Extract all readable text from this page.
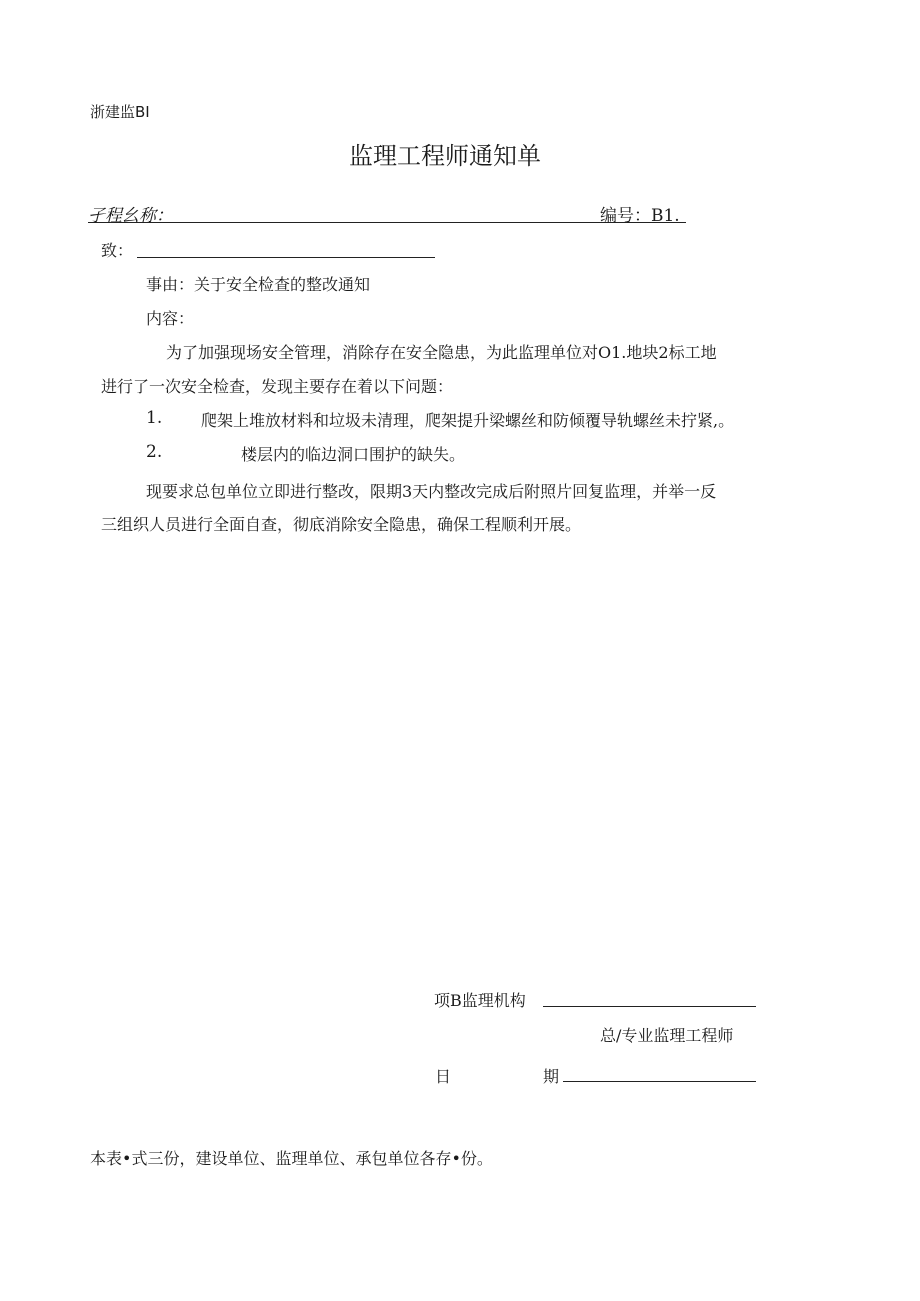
浙建监BI
监理工程师通知单
孑程幺称：	编号：B1.
致：
事由：关于安全检查的整改通知
内容：
为了加强现场安全管理，消除存在安全隐患，为此监理单位对O1.地块2标工地
进行了一次安全检查，发现主要存在着以下问题：
1. 爬架上堆放材料和垃圾未清理，爬架提升梁螺丝和防倾覆导轨螺丝未拧紧,。
2.	楼层内的临边洞口围护的缺失。
现要求总包单位立即进行整改，限期3天内整改完成后附照片回复监理，并举一反
三组织人员进行全面自查，彻底消除安全隐患，确保工程顺利开展。
项B监理机构
总/专业监理工程师
日	期
本表•式三份，建设单位、监理单位、承包单位各存•份。
